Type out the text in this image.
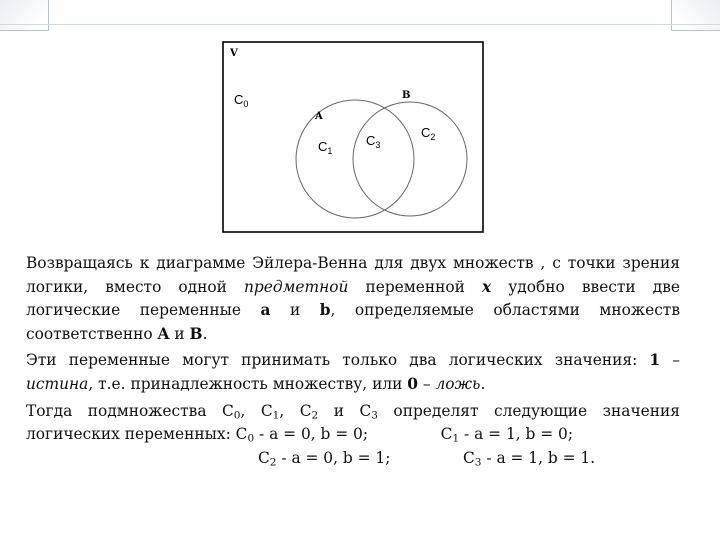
V
A
B
$C_0$
$C_1$
$C_3$
$C_2$

Возвращаясь к диаграмме Эйлера-Венна для двух множеств , с точки зрения логики, вместо одной предметной переменной x удобно ввести две логические переменные a и b, определяемые областями множеств соответственно A и B.

Эти переменные могут принимать только два логических значения: 1 – истина, т.е. принадлежность множеству, или 0 – ложь.

Тогда подмножества $C_0$, $C_1$, $C_2$ и $C_3$ определят следующие значения

логических переменных: $C_0 - a = 0$, b = 0;	$C_1 - a = 1$, b = 0;
$C_2 - a = 0$, b = 1;	$C_3 - a = 1$, b = 1.
